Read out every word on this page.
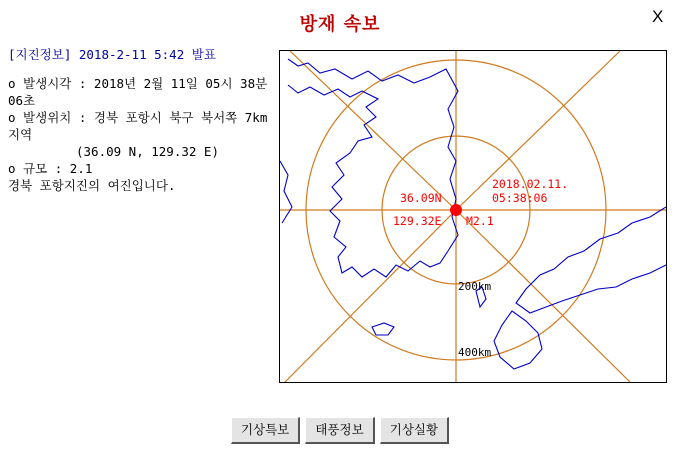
방재 속보	X
[지진정보] 2018-2-11 5:42 발표
o 발생시각 : 2018년 2월 11일 05시 38분 06초
o 발생위치 : 경북 포항시 북구 북서쪽 7km 지역
(36.09 N, 129.32 E)
o 규모 : 2.1
경북 포항지진의 여진입니다.	2018.02.11.
05:38:06
36.09N
129.32E M2.1
200km
400km
기상특보 태풍정보 기상실황
